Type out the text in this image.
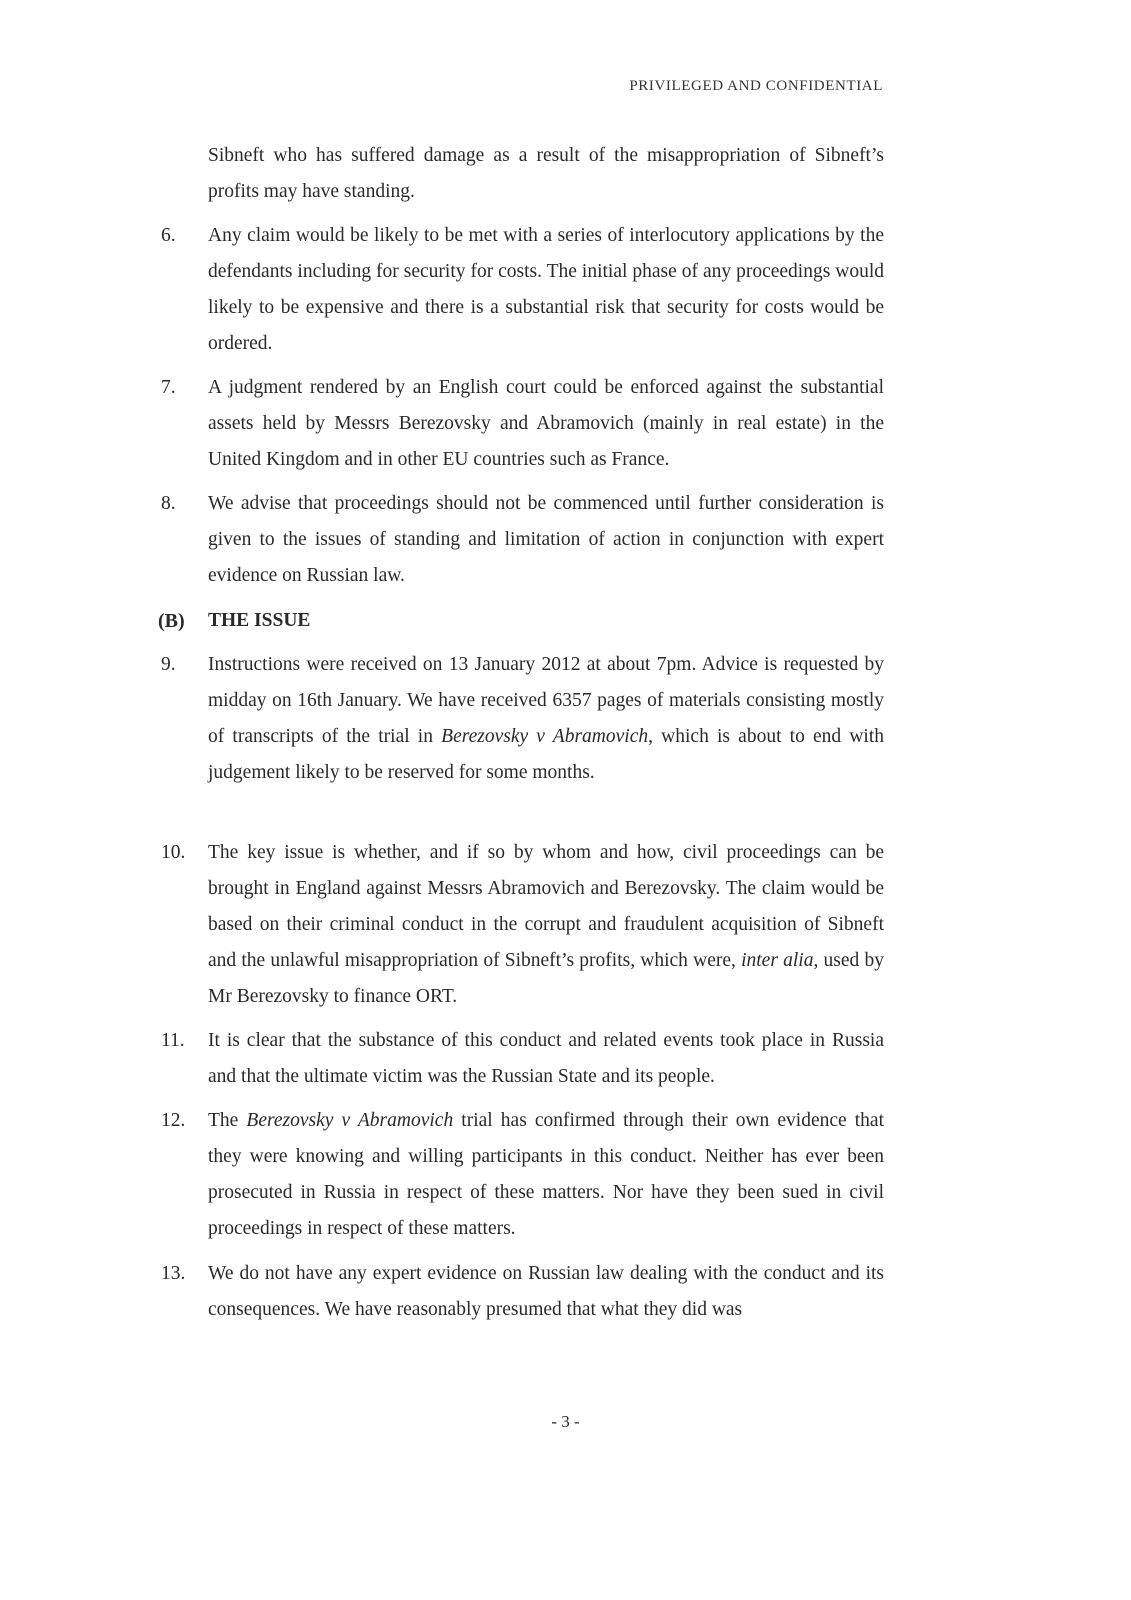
PRIVILEGED AND CONFIDENTIAL
Sibneft who has suffered damage as a result of the misappropriation of Sibneft’s profits may have standing.
6. Any claim would be likely to be met with a series of interlocutory applications by the defendants including for security for costs. The initial phase of any proceedings would likely to be expensive and there is a substantial risk that security for costs would be ordered.
7. A judgment rendered by an English court could be enforced against the substantial assets held by Messrs Berezovsky and Abramovich (mainly in real estate) in the United Kingdom and in other EU countries such as France.
8. We advise that proceedings should not be commenced until further consideration is given to the issues of standing and limitation of action in conjunction with expert evidence on Russian law.
(B) THE ISSUE
9. Instructions were received on 13 January 2012 at about 7pm. Advice is requested by midday on 16th January. We have received 6357 pages of materials consisting mostly of transcripts of the trial in Berezovsky v Abramovich, which is about to end with judgement likely to be reserved for some months.
10. The key issue is whether, and if so by whom and how, civil proceedings can be brought in England against Messrs Abramovich and Berezovsky. The claim would be based on their criminal conduct in the corrupt and fraudulent acquisition of Sibneft and the unlawful misappropriation of Sibneft’s profits, which were, inter alia, used by Mr Berezovsky to finance ORT.
11. It is clear that the substance of this conduct and related events took place in Russia and that the ultimate victim was the Russian State and its people.
12. The Berezovsky v Abramovich trial has confirmed through their own evidence that they were knowing and willing participants in this conduct. Neither has ever been prosecuted in Russia in respect of these matters. Nor have they been sued in civil proceedings in respect of these matters.
13. We do not have any expert evidence on Russian law dealing with the conduct and its consequences. We have reasonably presumed that what they did was
- 3 -
